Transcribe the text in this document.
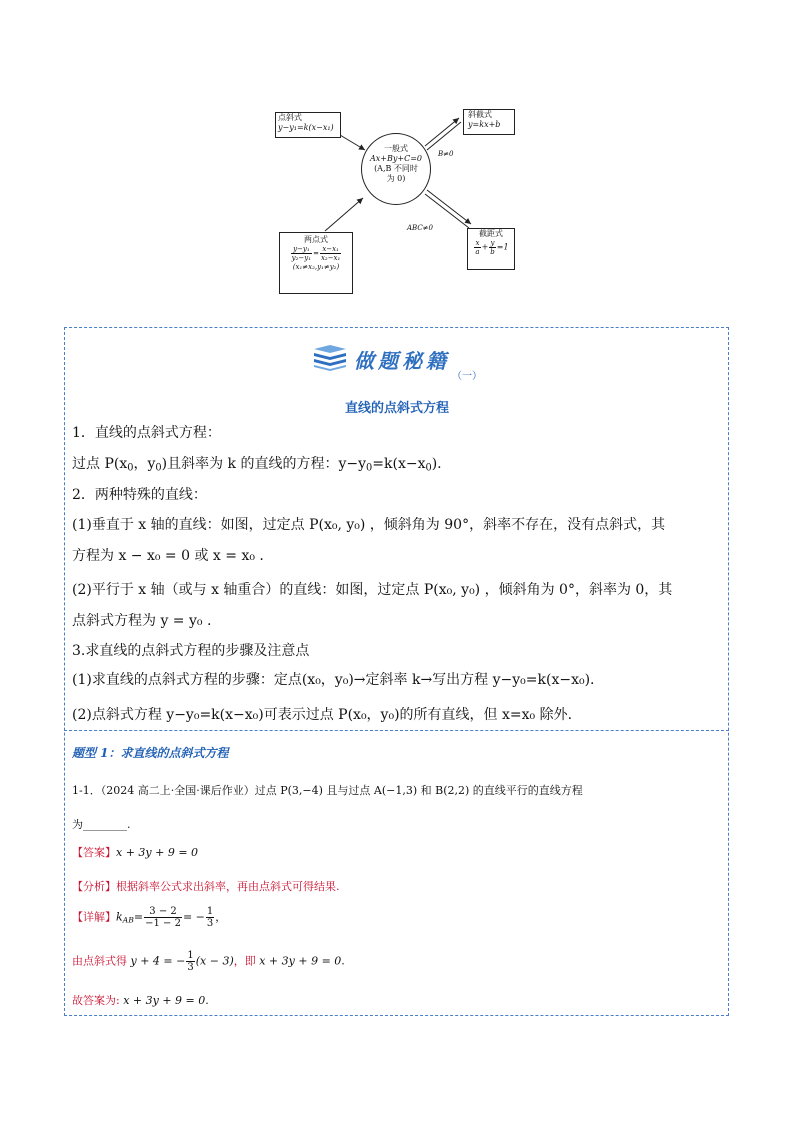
点斜式
y−y₁=k(x−x₁)
斜截式
y=kx+b
一般式
Ax+By+C=0
(A,B 不同时
为 0)
两点式
$\frac{\text{y−y₁}}{\text{y₂−y₁}} = \frac{\text{x−x₁}}{\text{x₂−x₁}}$
(x₁≠x₂,y₁≠y₂)
截距式
$\frac{x}{a} + \frac{y}{b} =1$
B≠0
ABC≠0
做题秘籍
（一）
直线的点斜式方程
1．直线的点斜式方程：
过点 $P(x_0$，$y_0$)且斜率为 k 的直线的方程：$y-y_0=k(x-x_0)$.
2．两种特殊的直线：
(1)垂直于 x 轴的直线：如图，过定点 P(x₀, y₀) ，倾斜角为 90°，斜率不存在，没有点斜式，其
方程为 x − x₀ = 0 或 x = x₀ .
(2)平行于 x 轴（或与 x 轴重合）的直线：如图，过定点 P(x₀, y₀) ，倾斜角为 0°，斜率为 0，其
点斜式方程为 y = y₀ .
3.求直线的点斜式方程的步骤及注意点
(1)求直线的点斜式方程的步骤：定点(x₀，y₀)→定斜率 k→写出方程 y−y₀=k(x−x₀).
(2)点斜式方程 y−y₀=k(x−x₀)可表示过点 P(x₀，y₀)的所有直线，但 x=x₀ 除外.
题型 1：求直线的点斜式方程
1-1．（2024 高二上·全国·课后作业）过点 P(3,−4) 且与过点 A(−1,3) 和 B(2,2) 的直线平行的直线方程
为________.
【答案】x + 3y + 9 = 0
【分析】根据斜率公式求出斜率，再由点斜式可得结果.
【详解】$k_{AB}= \frac{3 - 2}{-1 - 2}$ = − $\frac{1}{3}$ ，
由点斜式得 y + 4 = − $\frac{1}{3} (x - 3)$，即 x + 3y + 9 = 0.
故答案为: x + 3y + 9 = 0.
